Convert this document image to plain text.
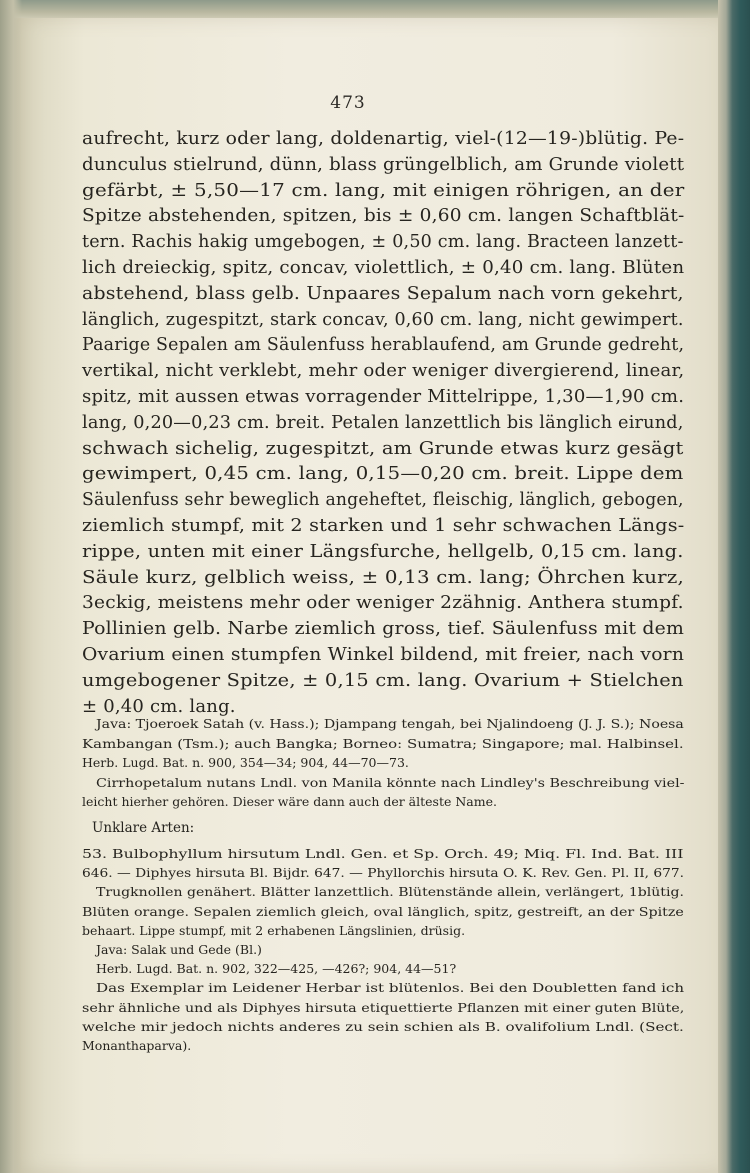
473
aufrecht, kurz oder lang, doldenartig, viel-(12—19-)blütig. Pe-
dunculus stielrund, dünn, blass grüngelblich, am Grunde violett
gefärbt, ± 5,50—17 cm. lang, mit einigen röhrigen, an der
Spitze abstehenden, spitzen, bis ± 0,60 cm. langen Schaftblät-
tern. Rachis hakig umgebogen, ± 0,50 cm. lang. Bracteen lanzett-
lich dreieckig, spitz, concav, violettlich, ± 0,40 cm. lang. Blüten
abstehend, blass gelb. Unpaares Sepalum nach vorn gekehrt,
länglich, zugespitzt, stark concav, 0,60 cm. lang, nicht gewimpert.
Paarige Sepalen am Säulenfuss herablaufend, am Grunde gedreht,
vertikal, nicht verklebt, mehr oder weniger divergierend, linear,
spitz, mit aussen etwas vorragender Mittelrippe, 1,30—1,90 cm.
lang, 0,20—0,23 cm. breit. Petalen lanzettlich bis länglich eirund,
schwach sichelig, zugespitzt, am Grunde etwas kurz gesägt
gewimpert, 0,45 cm. lang, 0,15—0,20 cm. breit. Lippe dem
Säulenfuss sehr beweglich angeheftet, fleischig, länglich, gebogen,
ziemlich stumpf, mit 2 starken und 1 sehr schwachen Längs-
rippe, unten mit einer Längsfurche, hellgelb, 0,15 cm. lang.
Säule kurz, gelblich weiss, ± 0,13 cm. lang; Öhrchen kurz,
3eckig, meistens mehr oder weniger 2zähnig. Anthera stumpf.
Pollinien gelb. Narbe ziemlich gross, tief. Säulenfuss mit dem
Ovarium einen stumpfen Winkel bildend, mit freier, nach vorn
umgebogener Spitze, ± 0,15 cm. lang. Ovarium + Stielchen
± 0,40 cm. lang.
Java: Tjoeroek Satah (v. Hass.); Djampang tengah, bei Njalindoeng (J. J. S.); Noesa
Kambangan (Tsm.); auch Bangka; Borneo: Sumatra; Singapore; mal. Halbinsel.
Herb. Lugd. Bat. n. 900, 354—34; 904, 44—70—73.
Cirrhopetalum nutans Lndl. von Manila könnte nach Lindley's Beschreibung viel-
leicht hierher gehören. Dieser wäre dann auch der älteste Name.
Unklare Arten:
53. Bulbophyllum hirsutum Lndl. Gen. et Sp. Orch. 49; Miq. Fl. Ind. Bat. III
646. — Diphyes hirsuta Bl. Bijdr. 647. — Phyllorchis hirsuta O. K. Rev. Gen. Pl. II, 677.
Trugknollen genähert. Blätter lanzettlich. Blütenstände allein, verlängert, 1blütig.
Blüten orange. Sepalen ziemlich gleich, oval länglich, spitz, gestreift, an der Spitze
behaart. Lippe stumpf, mit 2 erhabenen Längslinien, drüsig.
Java: Salak und Gede (Bl.)
Herb. Lugd. Bat. n. 902, 322—425, —426?; 904, 44—51?
Das Exemplar im Leidener Herbar ist blütenlos. Bei den Doubletten fand ich
sehr ähnliche und als Diphyes hirsuta etiquettierte Pflanzen mit einer guten Blüte,
welche mir jedoch nichts anderes zu sein schien als B. ovalifolium Lndl. (Sect.
Monanthaparva).
